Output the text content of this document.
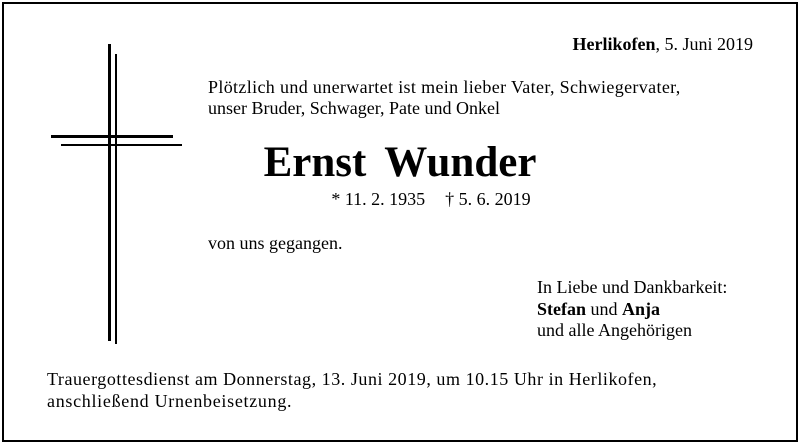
Herlikofen, 5. Juni 2019
Plötzlich und unerwartet ist mein lieber Vater, Schwiegervater,
unser Bruder, Schwager, Pate und Onkel
Ernst Wunder
* 11. 2. 1935 † 5. 6. 2019
von uns gegangen.
In Liebe und Dankbarkeit:
Stefan und Anja
und alle Angehörigen
Trauergottesdienst am Donnerstag, 13. Juni 2019, um 10.15 Uhr in Herlikofen,
anschließend Urnenbeisetzung.
